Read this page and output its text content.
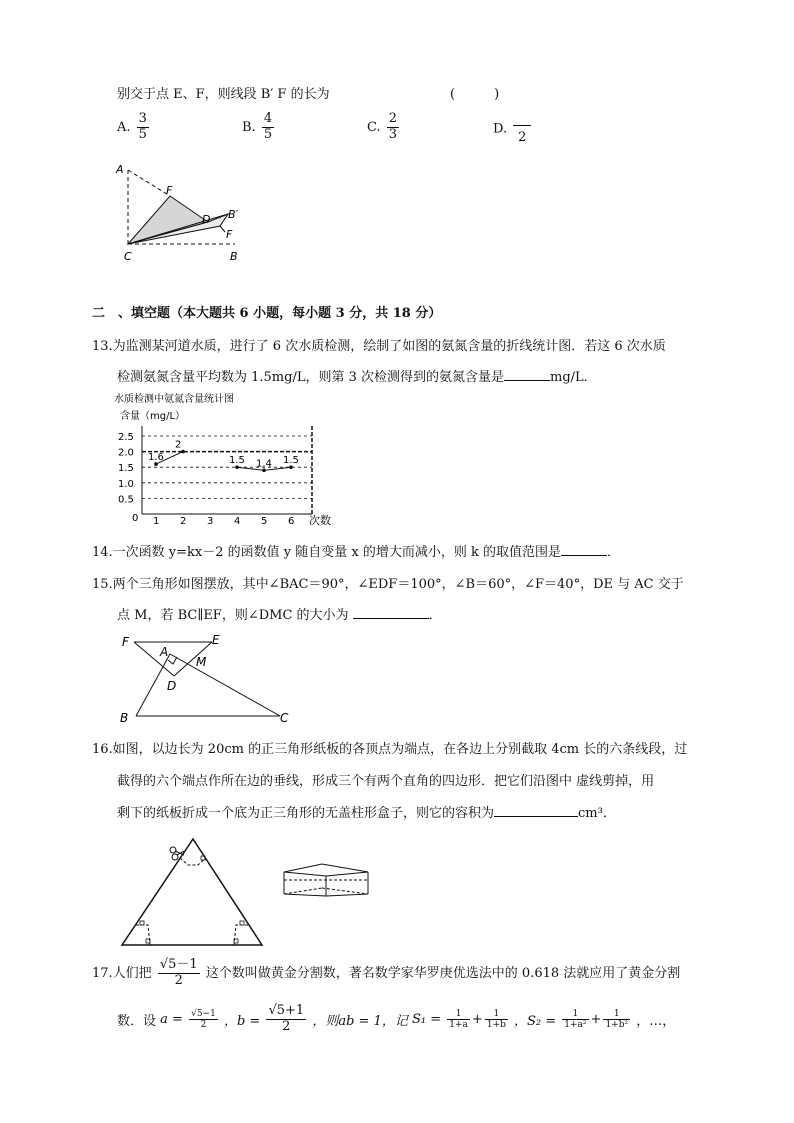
别交于点 E、F，则线段 B′ F 的长为	(　　　)
A. $\frac{3}{5}$	B. $\frac{4}{5}$	C. $\frac{2}{3}$	D.
2
A
F
D B′
F
C	B
二　、填空题（本大题共 6 小题，每小题 3 分，共 18 分）
13.为监测某河道水质，进行了 6 次水质检测，绘制了如图的氨氮含量的折线统计图．若这 6 次水质
检测氨氮含量平均数为 1.5mg/L，则第 3 次检测得到的氨氮含量是	mg/L．
水质检测中氨氮含量统计图
含量（mg/L）
0.5
1.0
1.5
2.0
2.5
1 2 3 4 5 6
1.6
2
1.5 1.4 1.5
0	次数
14.一次函数 y=kx－2 的函数值 y 随自变量 x 的增大而减小，则 k 的取值范围是	．
15.两个三角形如图摆放，其中∠BAC＝90°，∠EDF＝100°，∠B＝60°，∠F＝40°，DE 与 AC 交于
点 M，若 BC∥EF，则∠DMC 的大小为	．
F	E
A
M
D
B	C
16.如图，以边长为 20cm 的正三角形纸板的各顶点为端点，在各边上分别截取 4cm 长的六条线段，过
截得的六个端点作所在边的垂线，形成三个有两个直角的四边形．把它们沿图中 虚线剪掉，用
剩下的纸板折成一个底为正三角形的无盖柱形盒子，则它的容积为	cm³．
17.人们把 $\frac{√5-1}{2}$ 这个数叫做黄金分割数，著名数学家华罗庚优选法中的 0.618 法就应用了黄金分割
数．设 $a = \frac{√5-1}{2}$ ，$b = \frac{√5+1}{2}$ ，则ab = 1，记 $S_1 = \frac{1}{1+a} + \frac{1}{1+b}$ ，$S_2 = \frac{1}{\text{1+a²}} + \frac{1}{\text{1+b²}}$ ，…，
